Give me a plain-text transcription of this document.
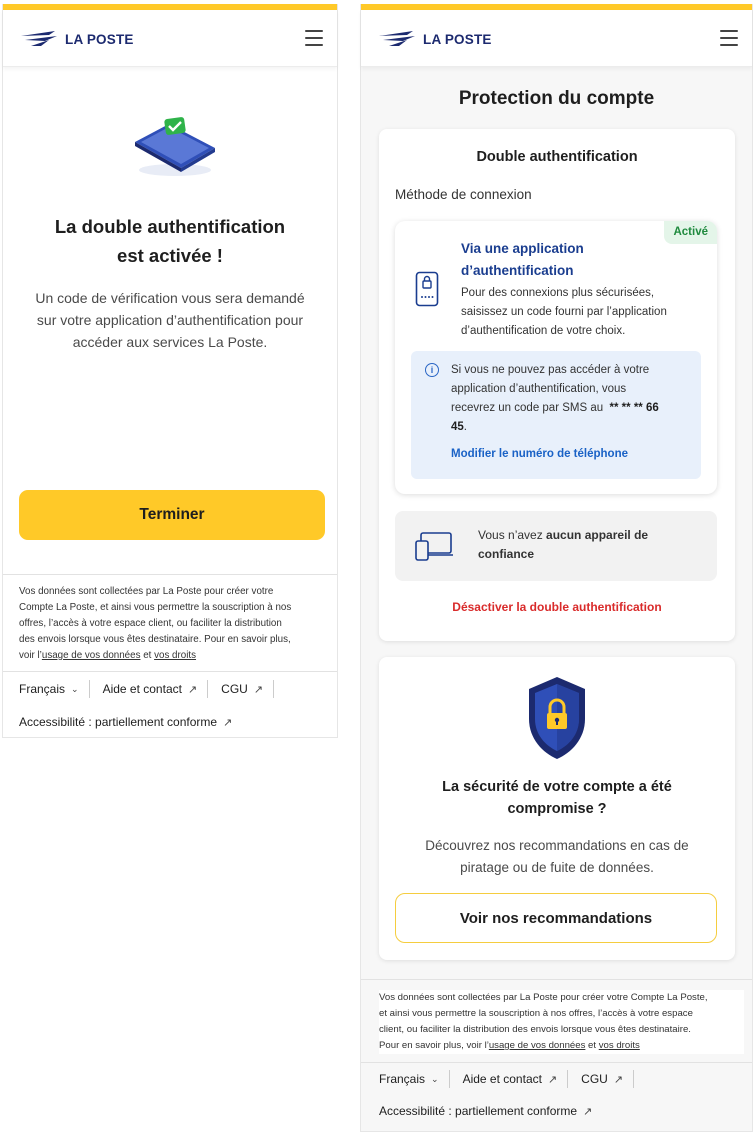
LA POSTE
La double authentification
est activée !
Un code de vérification vous sera demandé
sur votre application d’authentification pour
accéder aux services La Poste.
Terminer
Vos données sont collectées par La Poste pour créer votre
Compte La Poste, et ainsi vous permettre la souscription à nos
offres, l’accès à votre espace client, ou faciliter la distribution
des envois lorsque vous êtes destinataire. Pour en savoir plus,
voir l’usage de vos données et vos droits
Français ⌄ Aide et contact ↗ CGU ↗
Accessibilité : partiellement conforme ↗
LA POSTE
Protection du compte
Double authentification
Méthode de connexion
Activé
Via une application
d’authentification
Pour des connexions plus sécurisées,
saisissez un code fourni par l’application
d’authentification de votre choix.
i	Si vous ne pouvez pas accéder à votre
application d’authentification, vous
recevrez un code par SMS au ** ** ** 66
45.
Modifier le numéro de téléphone
Vous n’avez aucun appareil de
confiance
Désactiver la double authentification
La sécurité de votre compte a été
compromise ?
Découvrez nos recommandations en cas de
piratage ou de fuite de données.
Voir nos recommandations
Vos données sont collectées par La Poste pour créer votre Compte La Poste,
et ainsi vous permettre la souscription à nos offres, l’accès à votre espace
client, ou faciliter la distribution des envois lorsque vous êtes destinataire.
Pour en savoir plus, voir l’usage de vos données et vos droits
Français ⌄ Aide et contact ↗ CGU ↗
Accessibilité : partiellement conforme ↗
